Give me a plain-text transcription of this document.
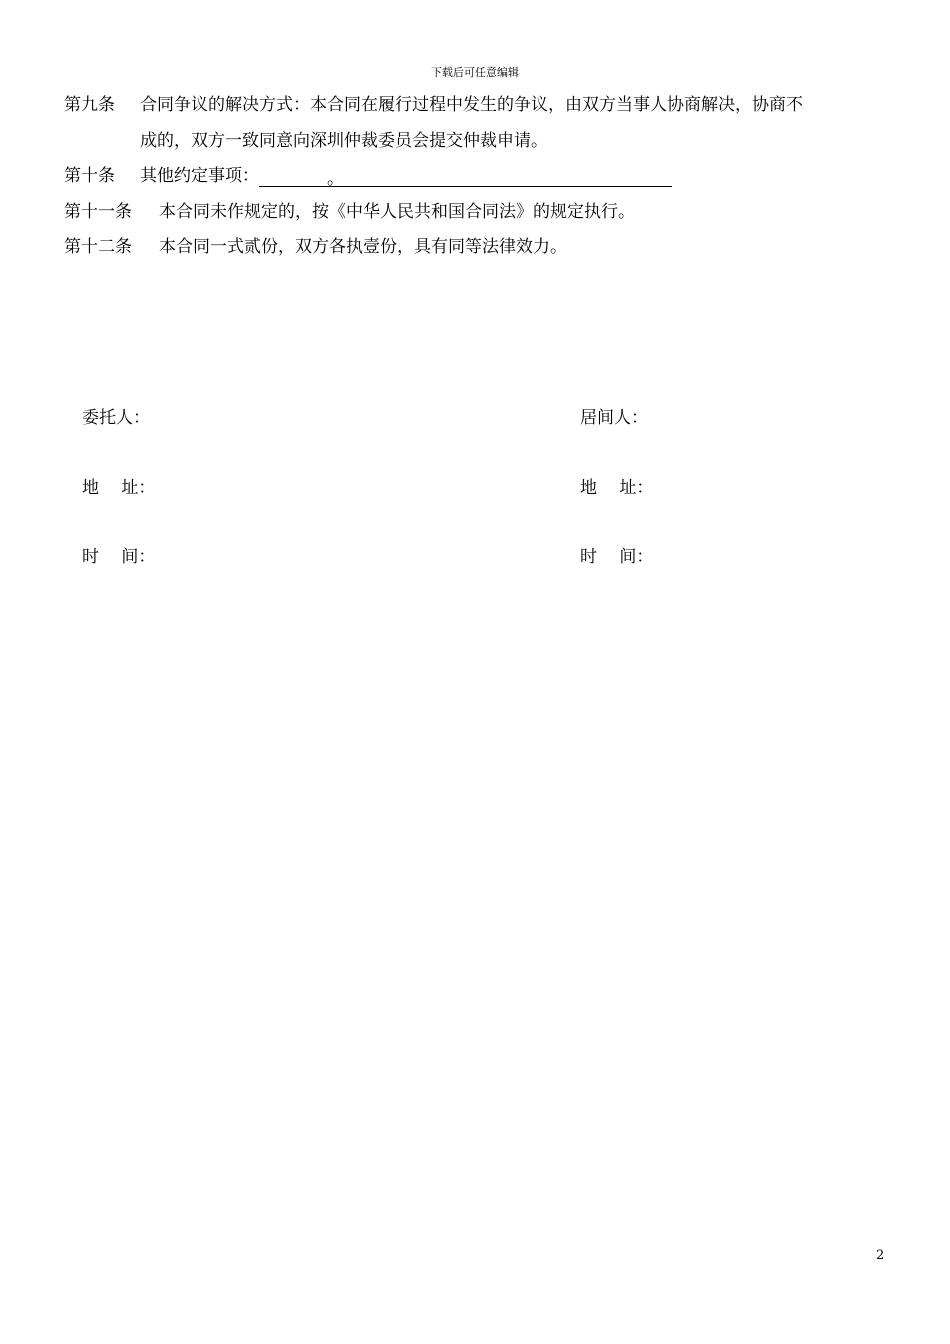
下载后可任意编辑
第九条 合同争议的解决方式：本合同在履行过程中发生的争议，由双方当事人协商解决，协商不
成的，双方一致同意向深圳仲裁委员会提交仲裁申请。
第十条 其他约定事项：	。
第十一条 本合同未作规定的，按《中华人民共和国合同法》的规定执行。
第十二条 本合同一式贰份，双方各执壹份，具有同等法律效力。
委托人：	居间人：
地　 址：	地　 址：
时　 间：	时　 间：
2
